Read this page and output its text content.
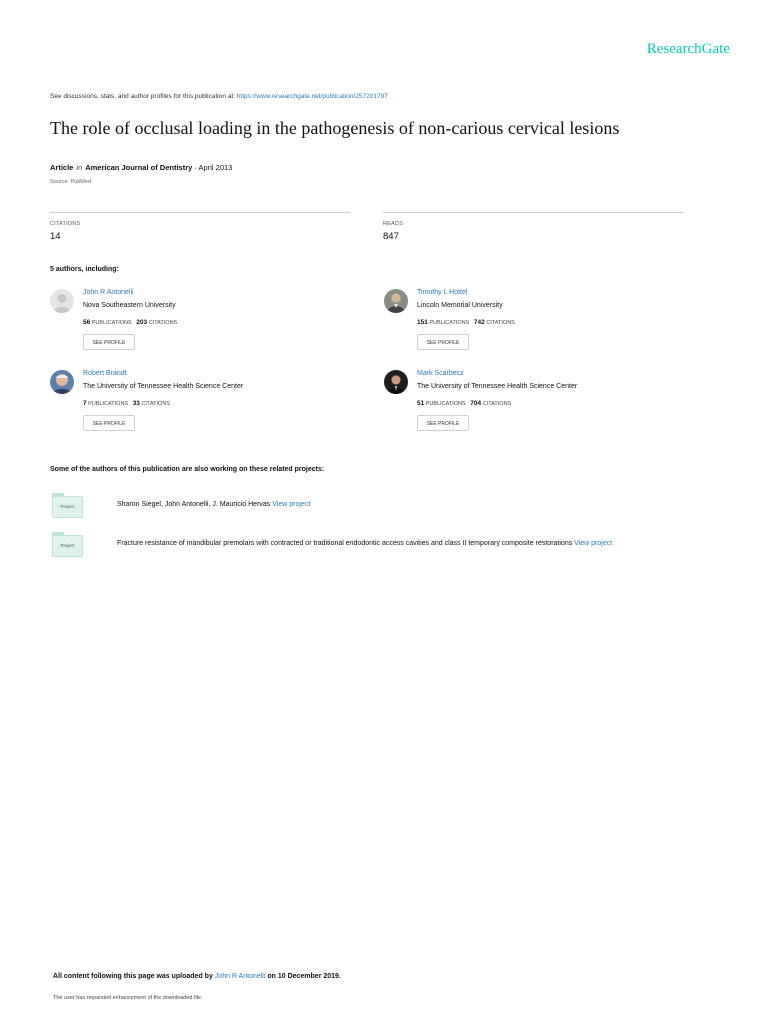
ResearchGate
See discussions, stats, and author profiles for this publication at: https://www.researchgate.net/publication/257201797
The role of occlusal loading in the pathogenesis of non-carious cervical lesions
Article in American Journal of Dentistry · April 2013
Source: PubMed
CITATIONS
14
READS
847
5 authors, including:
John R Antonelli
Nova Southeastern University
56 PUBLICATIONS 203 CITATIONS
SEE PROFILE
Timothy L Hottel
Lincoln Memorial University
151 PUBLICATIONS 742 CITATIONS
SEE PROFILE
Robert Brandt
The University of Tennessee Health Science Center
7 PUBLICATIONS 33 CITATIONS
SEE PROFILE
Mark Scarbecz
The University of Tennessee Health Science Center
51 PUBLICATIONS 704 CITATIONS
SEE PROFILE
Some of the authors of this publication are also working on these related projects:
Project	Sharon Siegel, John Antonelli, J. Mauricio Hervas View project
Project	Fracture resistance of mandibular premolars with contracted or traditional endodontic access cavities and class II temporary composite restorations View project
All content following this page was uploaded by John R Antonelli on 10 December 2019.
The user has requested enhancement of the downloaded file.
